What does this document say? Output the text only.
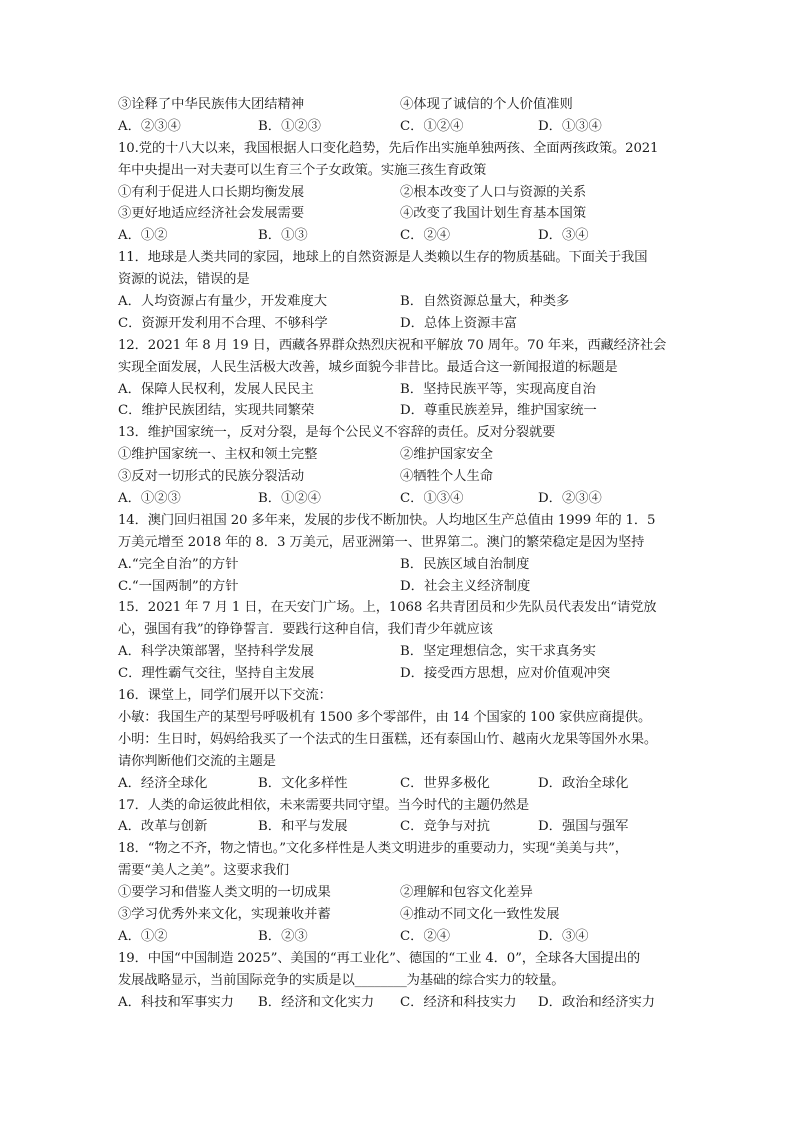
③诠释了中华民族伟大团结精神	④体现了诚信的个人价值准则
A．②③④	B．①②③	C．①②④	D．①③④
10.党的十八大以来，我国根据人口变化趋势，先后作出实施单独两孩、全面两孩政策。2021
年中央提出一对夫妻可以生育三个子女政策。实施三孩生育政策
①有利于促进人口长期均衡发展	②根本改变了人口与资源的关系
③更好地适应经济社会发展需要	④改变了我国计划生育基本国策
A．①②	B．①③	C．②④	D．③④
11．地球是人类共同的家园，地球上的自然资源是人类赖以生存的物质基础。下面关于我国
资源的说法，错误的是
A．人均资源占有量少，开发难度大	B．自然资源总量大，种类多
C．资源开发利用不合理、不够科学	D．总体上资源丰富
12．2021 年 8 月 19 日，西藏各界群众热烈庆祝和平解放 70 周年。70 年来，西藏经济社会
实现全面发展，人民生活极大改善，城乡面貌今非昔比。最适合这一新闻报道的标题是
A．保障人民权利，发展人民民主	B．坚持民族平等，实现高度自治
C．维护民族团结，实现共同繁荣	D．尊重民族差异，维护国家统一
13．维护国家统一，反对分裂，是每个公民义不容辞的责任。反对分裂就要
①维护国家统一、主权和领土完整	②维护国家安全
③反对一切形式的民族分裂活动	④牺牲个人生命
A．①②③	B．①②④	C．①③④	D．②③④
14．澳门回归祖国 20 多年来，发展的步伐不断加快。人均地区生产总值由 1999 年的 1．5
万美元增至 2018 年的 8．3 万美元，居亚洲第一、世界第二。澳门的繁荣稳定是因为坚持
A.“完全自治”的方针	B．民族区域自治制度
C.“一国两制”的方针	D．社会主义经济制度
15．2021 年 7 月 1 日，在天安门广场。上，1068 名共青团员和少先队员代表发出“请党放
心，强国有我”的铮铮誓言．要践行这种自信，我们青少年就应该
A．科学决策部署，坚持科学发展	B．坚定理想信念，实干求真务实
C．理性霸气交往，坚持自主发展	D．接受西方思想，应对价值观冲突
16．课堂上，同学们展开以下交流：
小敏：我国生产的某型号呼吸机有 1500 多个零部件，由 14 个国家的 100 家供应商提供。
小明：生日时，妈妈给我买了一个法式的生日蛋糕，还有泰国山竹、越南火龙果等国外水果。
请你判断他们交流的主题是
A．经济全球化	B．文化多样性	C．世界多极化	D．政治全球化
17．人类的命运彼此相依，未来需要共同守望。当今时代的主题仍然是
A．改革与创新	B．和平与发展	C．竞争与对抗	D．强国与强军
18．“物之不齐，物之情也。”文化多样性是人类文明进步的重要动力，实现“美美与共”，
需要“美人之美”。这要求我们
①要学习和借鉴人类文明的一切成果	②理解和包容文化差异
③学习优秀外来文化，实现兼收并蓄	④推动不同文化一致性发展
A．①②	B．②③	C．②④	D．③④
19．中国“中国制造 2025”、美国的“再工业化”、德国的“工业 4．0”，全球各大国提出的
发展战略显示，当前国际竞争的实质是以________为基础的综合实力的较量。
A．科技和军事实力 B．经济和文化实力 C．经济和科技实力 D．政治和经济实力
